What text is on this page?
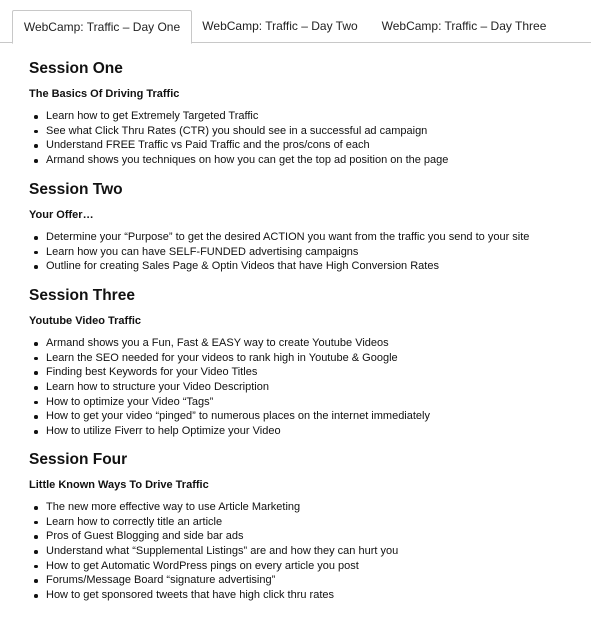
WebCamp: Traffic – Day One	WebCamp: Traffic – Day Two	WebCamp: Traffic – Day Three
Session One
The Basics Of Driving Traffic
Learn how to get Extremely Targeted Traffic
See what Click Thru Rates (CTR) you should see in a successful ad campaign
Understand FREE Traffic vs Paid Traffic and the pros/cons of each
Armand shows you techniques on how you can get the top ad position on the page
Session Two
Your Offer…
Determine your “Purpose” to get the desired ACTION you want from the traffic you send to your site
Learn how you can have SELF-FUNDED advertising campaigns
Outline for creating Sales Page & Optin Videos that have High Conversion Rates
Session Three
Youtube Video Traffic
Armand shows you a Fun, Fast & EASY way to create Youtube Videos
Learn the SEO needed for your videos to rank high in Youtube & Google
Finding best Keywords for your Video Titles
Learn how to structure your Video Description
How to optimize your Video “Tags”
How to get your video “pinged” to numerous places on the internet immediately
How to utilize Fiverr to help Optimize your Video
Session Four
Little Known Ways To Drive Traffic
The new more effective way to use Article Marketing
Learn how to correctly title an article
Pros of Guest Blogging and side bar ads
Understand what “Supplemental Listings” are and how they can hurt you
How to get Automatic WordPress pings on every article you post
Forums/Message Board “signature advertising”
How to get sponsored tweets that have high click thru rates
